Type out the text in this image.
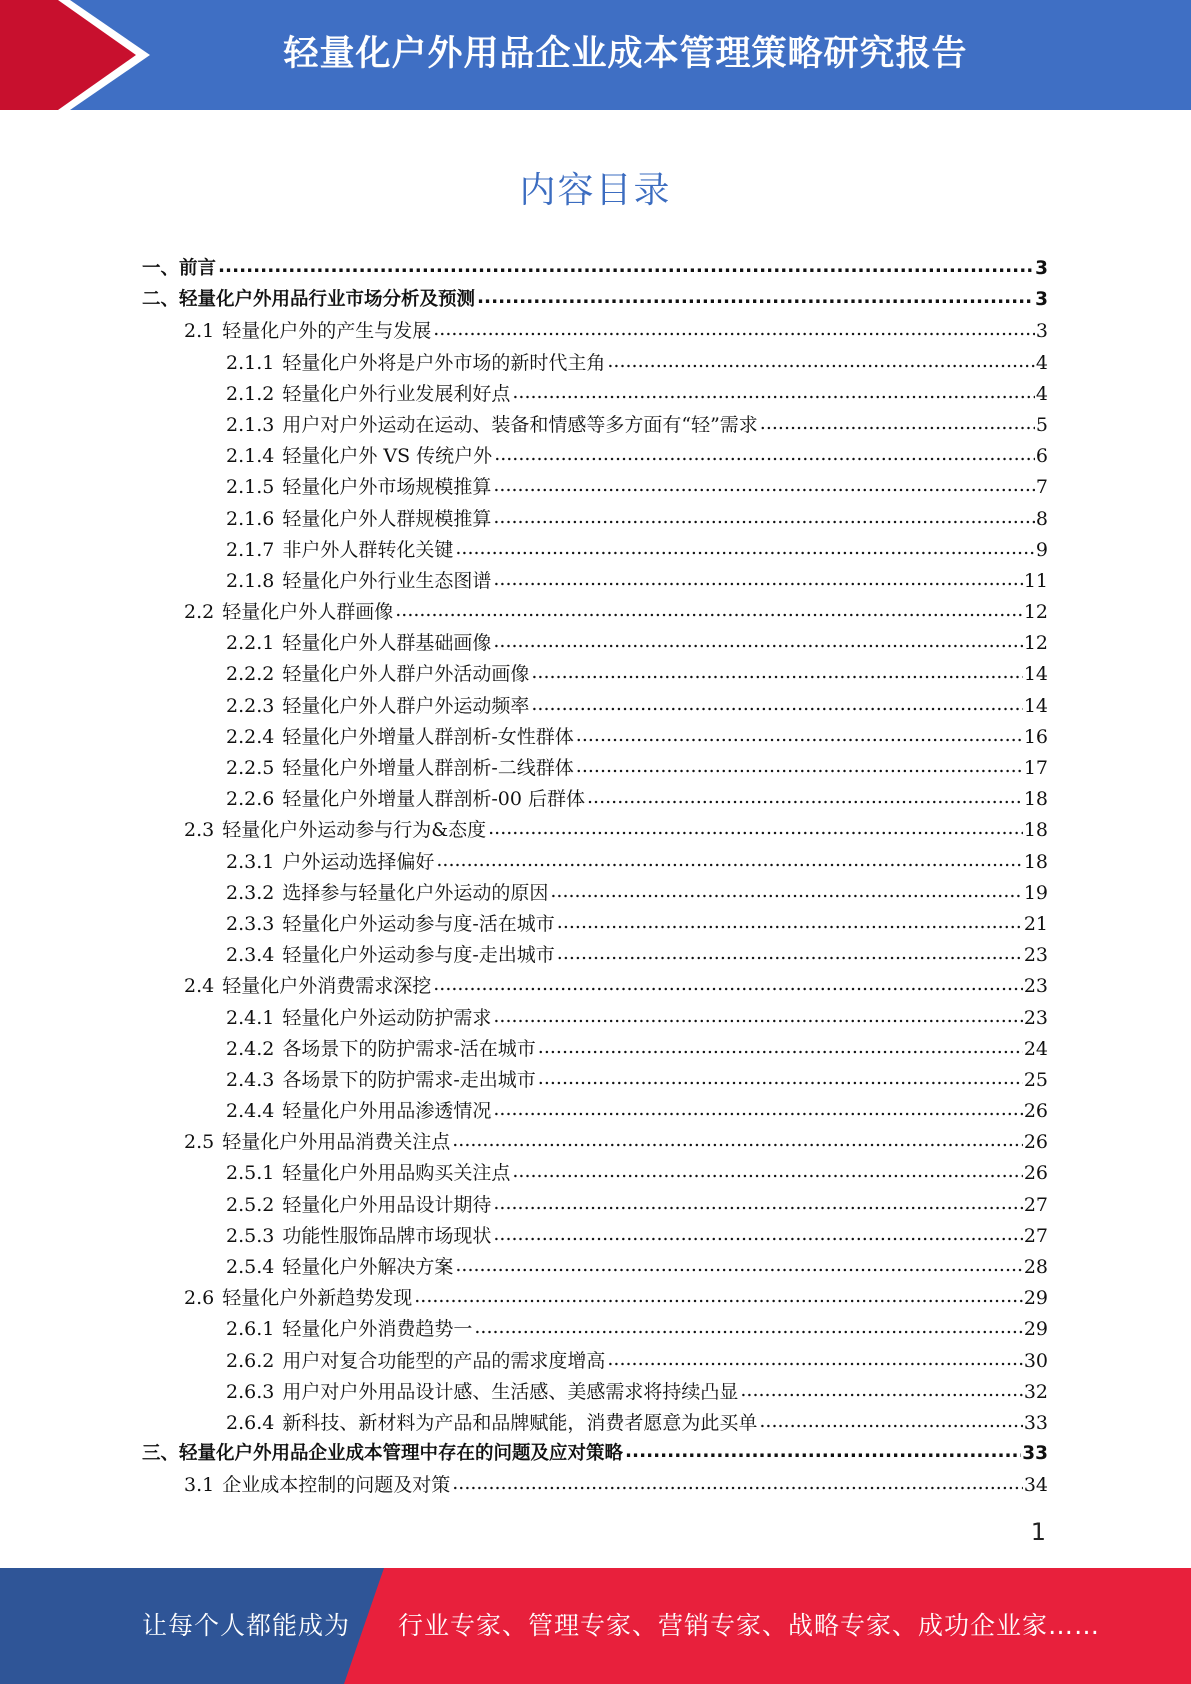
轻量化户外用品企业成本管理策略研究报告
内容目录
一、前言 .....	3
二、轻量化户外用品行业市场分析及预测 .....	3
2.1 轻量化户外的产生与发展 .....	3
2.1.1 轻量化户外将是户外市场的新时代主角 .....	4
2.1.2 轻量化户外行业发展利好点 .....	4
2.1.3 用户对户外运动在运动、装备和情感等多方面有“轻”需求 .....	5
2.1.4 轻量化户外 VS 传统户外 .....	6
2.1.5 轻量化户外市场规模推算 .....	7
2.1.6 轻量化户外人群规模推算 .....	8
2.1.7 非户外人群转化关键 .....	9
2.1.8 轻量化户外行业生态图谱 .....	11
2.2 轻量化户外人群画像 .....	12
2.2.1 轻量化户外人群基础画像 .....	12
2.2.2 轻量化户外人群户外活动画像 .....	14
2.2.3 轻量化户外人群户外运动频率 .....	14
2.2.4 轻量化户外增量人群剖析-女性群体 .....	16
2.2.5 轻量化户外增量人群剖析-二线群体 .....	17
2.2.6 轻量化户外增量人群剖析-00 后群体 .....	18
2.3 轻量化户外运动参与行为&态度 .....	18
2.3.1 户外运动选择偏好 .....	18
2.3.2 选择参与轻量化户外运动的原因 .....	19
2.3.3 轻量化户外运动参与度-活在城市 .....	21
2.3.4 轻量化户外运动参与度-走出城市 .....	23
2.4 轻量化户外消费需求深挖 .....	23
2.4.1 轻量化户外运动防护需求 .....	23
2.4.2 各场景下的防护需求-活在城市 .....	24
2.4.3 各场景下的防护需求-走出城市 .....	25
2.4.4 轻量化户外用品渗透情况 .....	26
2.5 轻量化户外用品消费关注点 .....	26
2.5.1 轻量化户外用品购买关注点 .....	26
2.5.2 轻量化户外用品设计期待 .....	27
2.5.3 功能性服饰品牌市场现状 .....	27
2.5.4 轻量化户外解决方案 .....	28
2.6 轻量化户外新趋势发现 .....	29
2.6.1 轻量化户外消费趋势一 .....	29
2.6.2 用户对复合功能型的产品的需求度增高 .....	30
2.6.3 用户对户外用品设计感、生活感、美感需求将持续凸显 .....	32
2.6.4 新科技、新材料为产品和品牌赋能，消费者愿意为此买单 .....	33
三、轻量化户外用品企业成本管理中存在的问题及应对策略 .....	33
3.1 企业成本控制的问题及对策 .....	34
1
让每个人都能成为 行业专家、管理专家、营销专家、战略专家、成功企业家……
